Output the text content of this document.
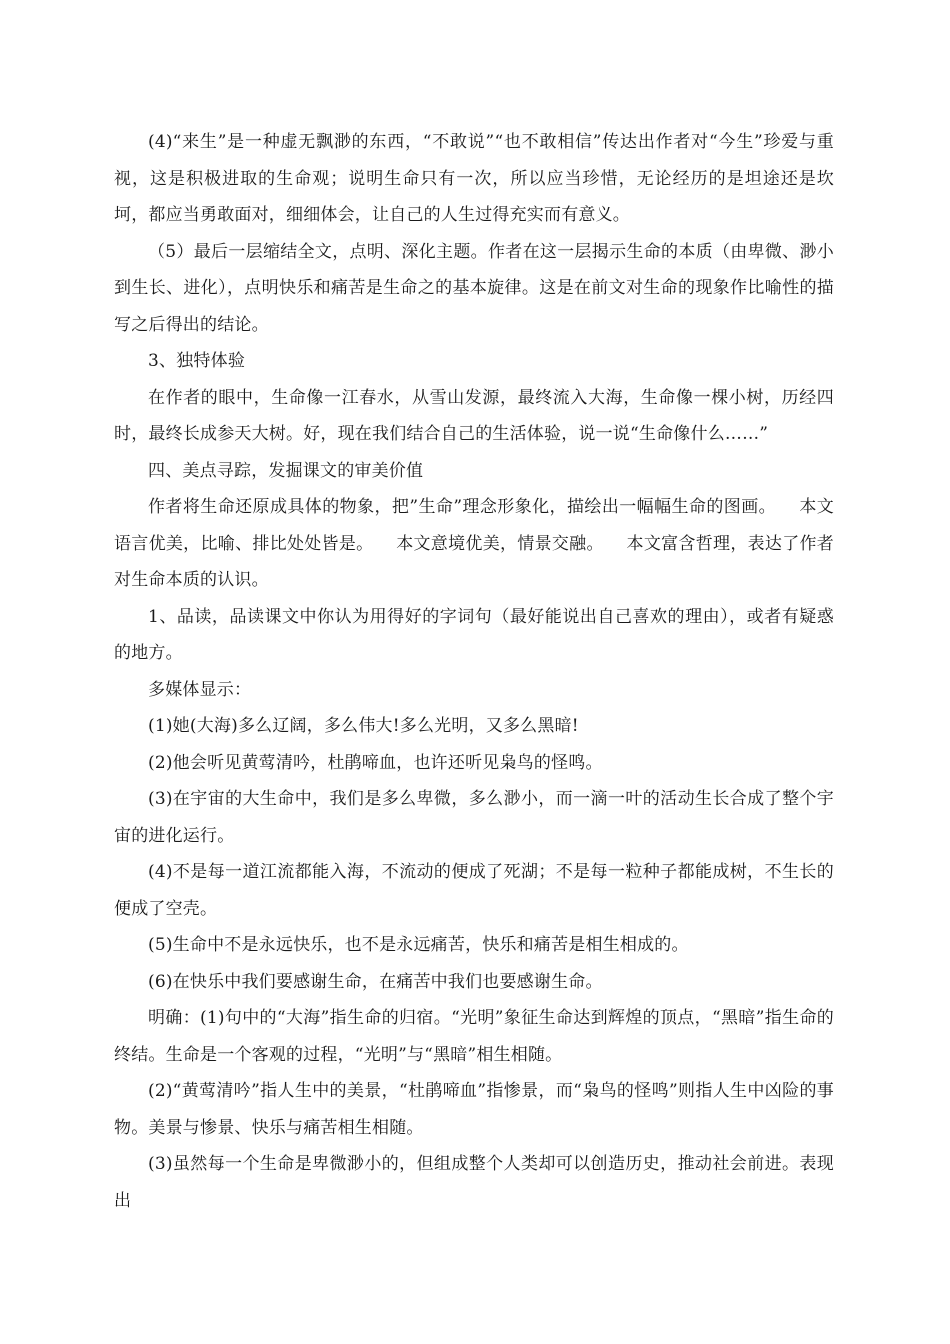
(4)“来生”是一种虚无飘渺的东西，“不敢说”“也不敢相信”传达出作者对“今生”珍爱与重视，这是积极进取的生命观；说明生命只有一次，所以应当珍惜，无论经历的是坦途还是坎坷，都应当勇敢面对，细细体会，让自己的人生过得充实而有意义。

（5）最后一层缩结全文，点明、深化主题。作者在这一层揭示生命的本质（由卑微、渺小到生长、进化），点明快乐和痛苦是生命之的基本旋律。这是在前文对生命的现象作比喻性的描写之后得出的结论。

3、独特体验

在作者的眼中，生命像一江春水，从雪山发源，最终流入大海，生命像一棵小树，历经四时，最终长成参天大树。好，现在我们结合自己的生活体验，说一说“生命像什么……”

四、美点寻踪，发掘课文的审美价值

作者将生命还原成具体的物象，把”生命”理念形象化，描绘出一幅幅生命的图画。    本文语言优美，比喻、排比处处皆是。    本文意境优美，情景交融。    本文富含哲理，表达了作者对生命本质的认识。

1、品读，品读课文中你认为用得好的字词句（最好能说出自己喜欢的理由），或者有疑惑的地方。

多媒体显示：

(1)她(大海)多么辽阔，多么伟大!多么光明，又多么黑暗!

(2)他会听见黄莺清吟，杜鹃啼血，也许还听见枭鸟的怪鸣。

(3)在宇宙的大生命中，我们是多么卑微，多么渺小，而一滴一叶的活动生长合成了整个宇宙的进化运行。

(4)不是每一道江流都能入海，不流动的便成了死湖；不是每一粒种子都能成树，不生长的便成了空壳。

(5)生命中不是永远快乐，也不是永远痛苦，快乐和痛苦是相生相成的。

(6)在快乐中我们要感谢生命，在痛苦中我们也要感谢生命。

明确：(1)句中的“大海”指生命的归宿。“光明”象征生命达到辉煌的顶点，“黑暗”指生命的终结。生命是一个客观的过程，“光明”与“黑暗”相生相随。

(2)“黄莺清吟”指人生中的美景，“杜鹃啼血”指惨景，而“枭鸟的怪鸣”则指人生中凶险的事物。美景与惨景、快乐与痛苦相生相随。

(3)虽然每一个生命是卑微渺小的，但组成整个人类却可以创造历史，推动社会前进。表现出
